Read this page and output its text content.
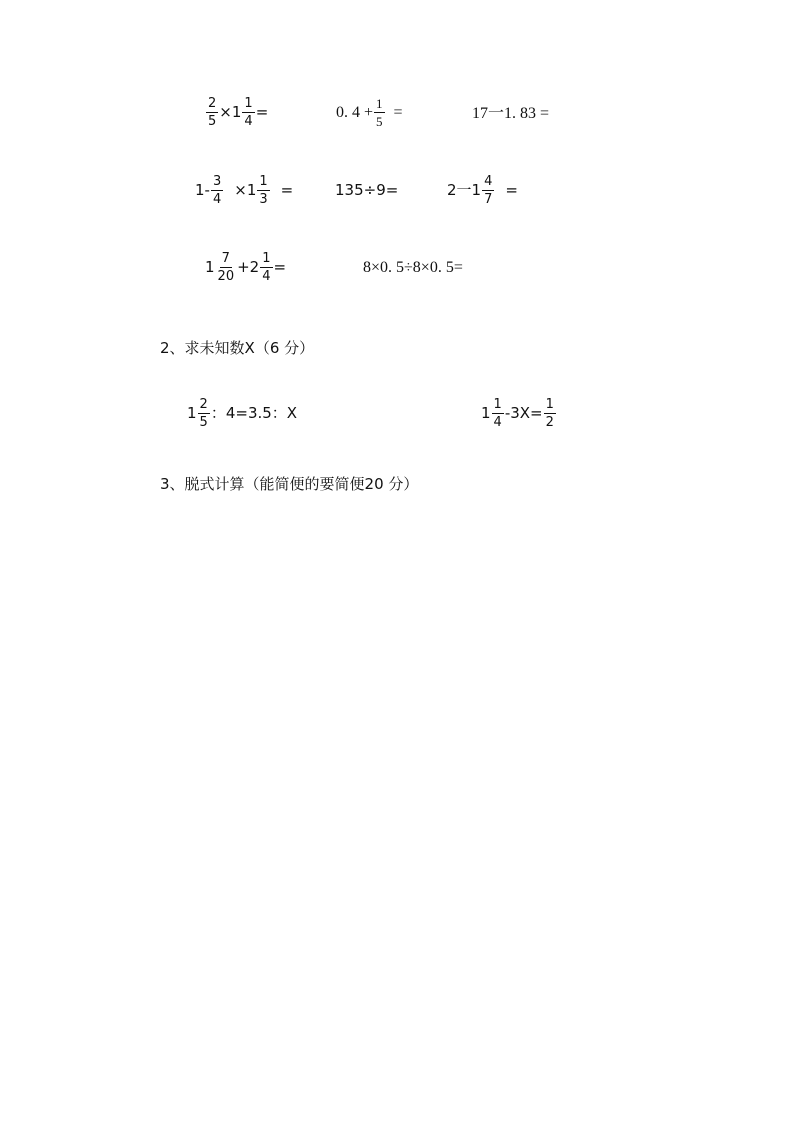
$\frac{2}{5} \times 1 \frac{1}{4}$ =	0. $4 + \frac{1}{5}$ =	17一1. 83 =
$1- \frac{3}{4} \times 1 \frac{1}{3}$ =	135÷9=	2一$1 \frac{4}{7}$ =
$1 \frac{7}{20} +2 \frac{1}{4}$ =	8×0. 5÷8×0. 5=
2、求未知数Ⅹ（6 分）
$1 \frac{2}{5}$ ：4=3.5：Ⅹ	$1 \frac{1}{4}$ -3Ⅹ= $\frac{1}{2}$
3、脱式计算（能简便的要简便20 分）
